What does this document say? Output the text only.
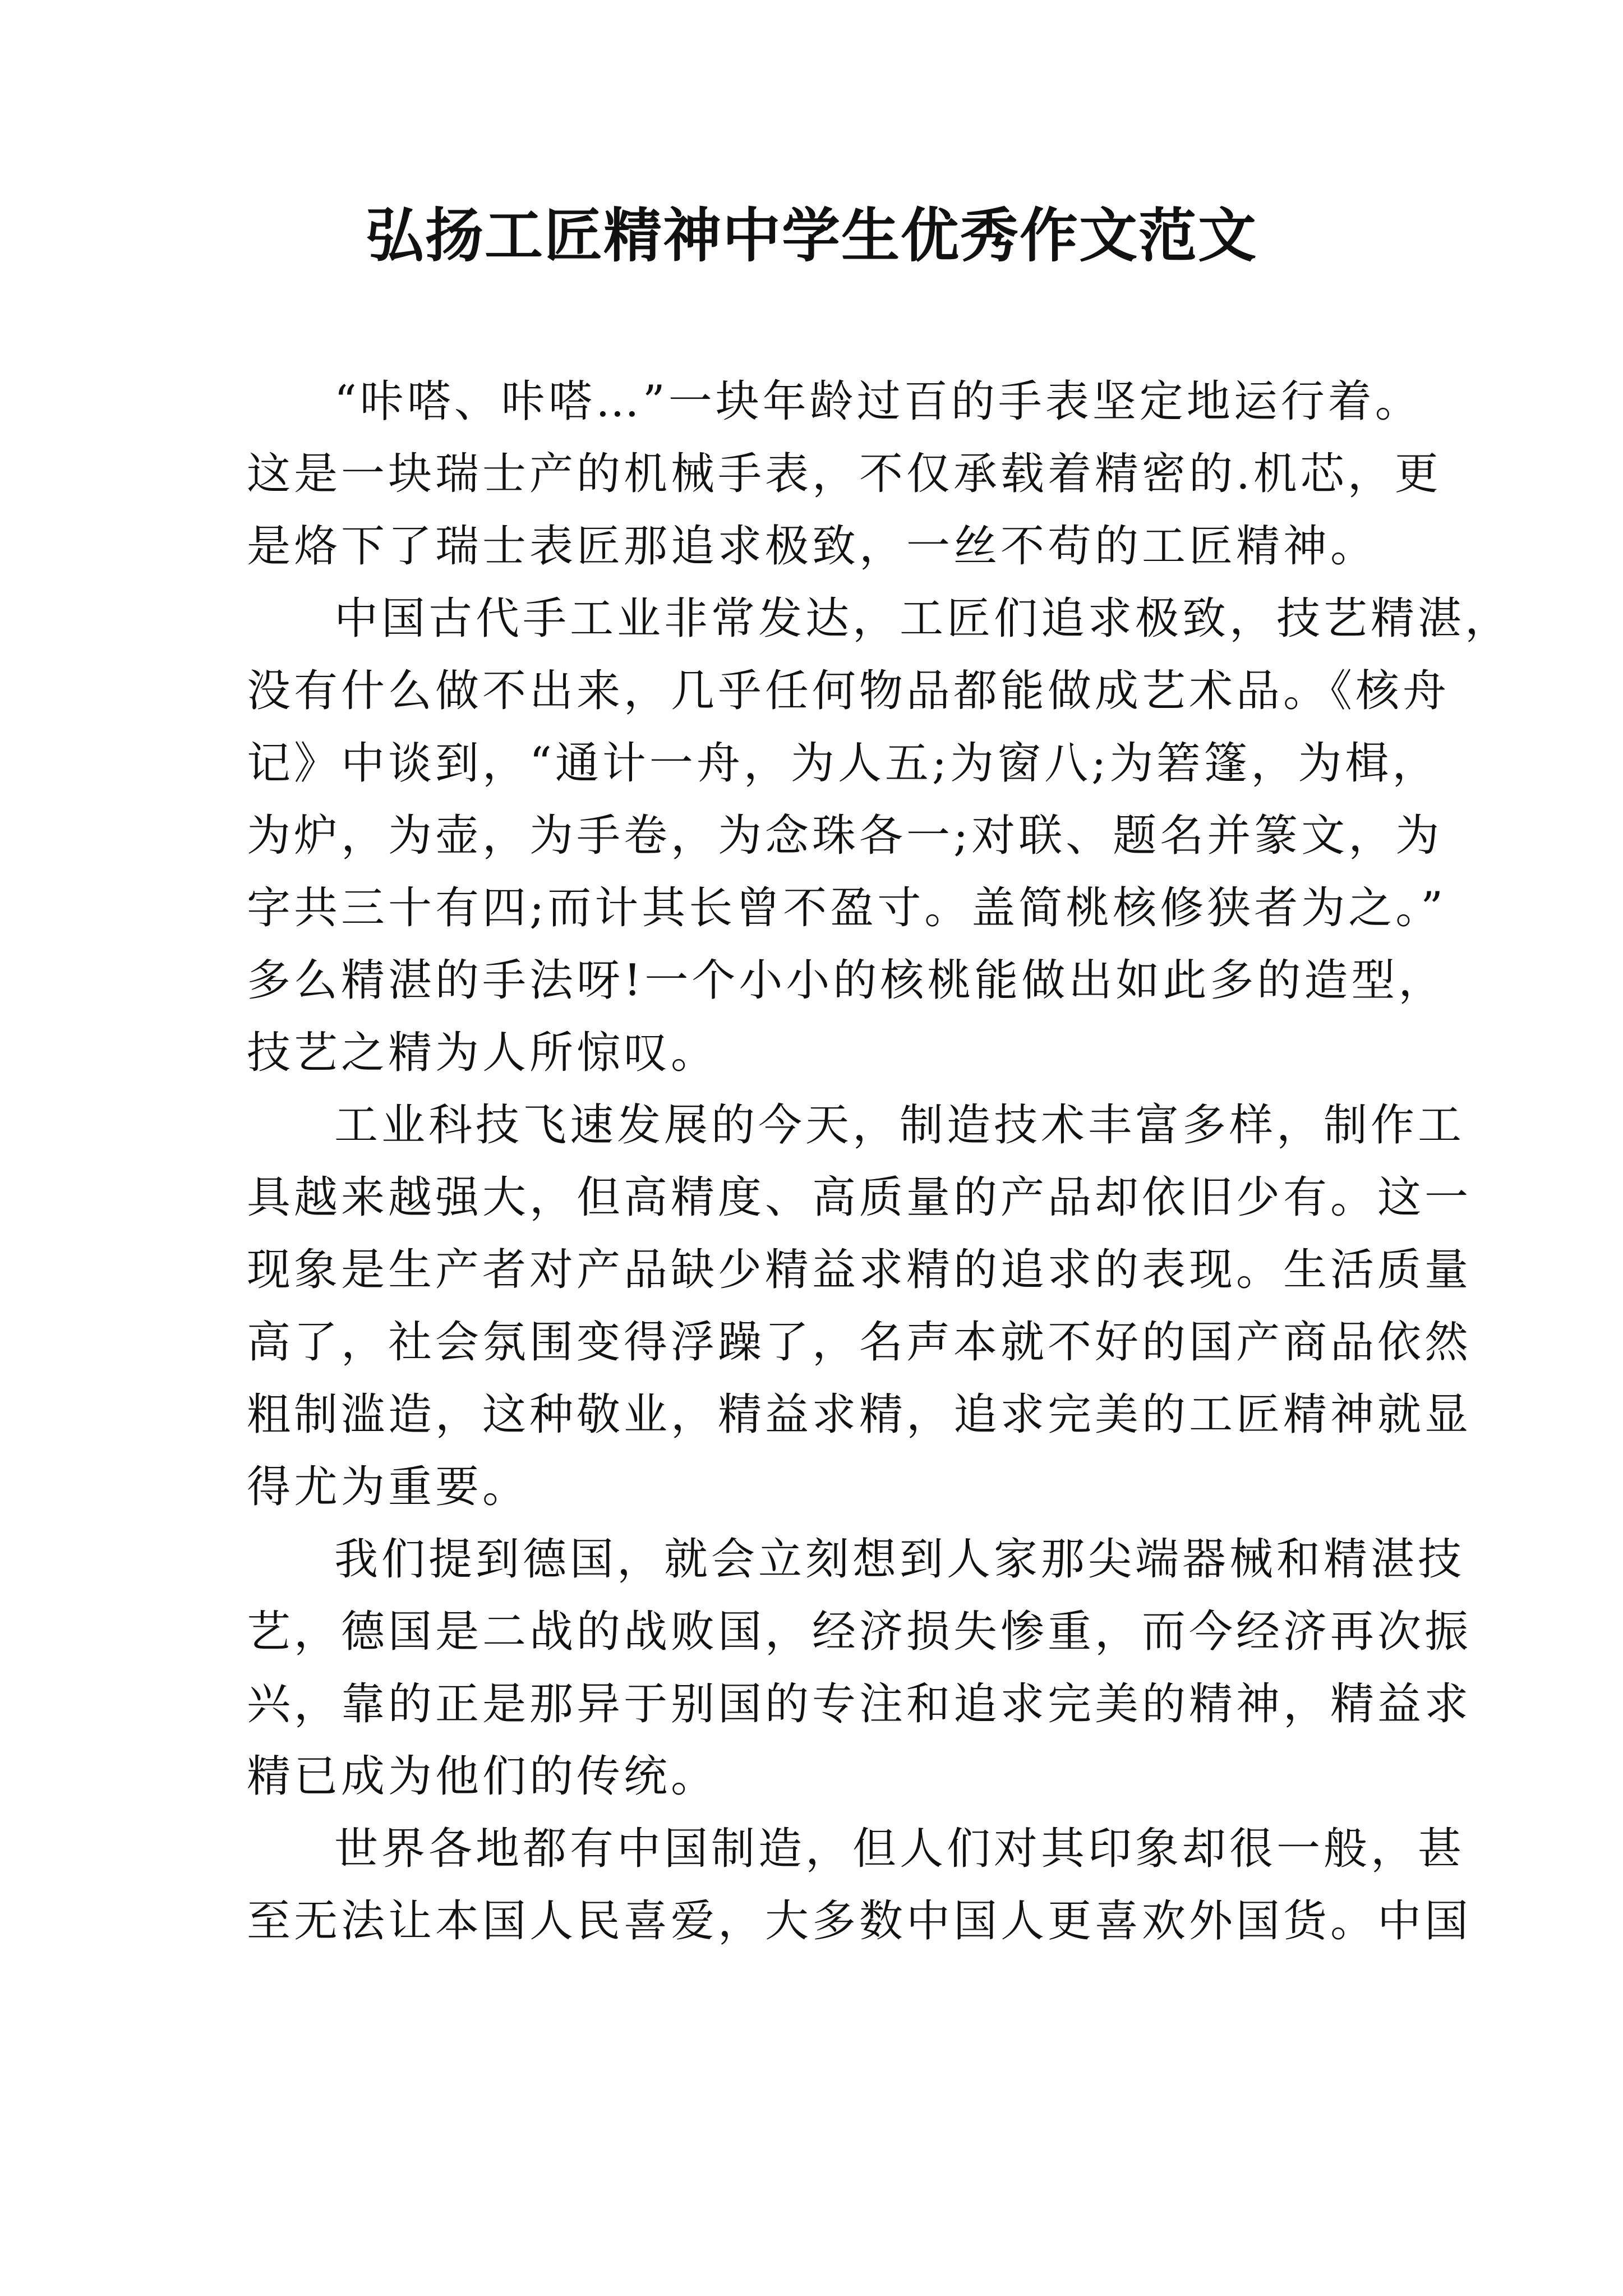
弘扬工匠精神中学生优秀作文范文

“咔嗒、咔嗒…”一块年龄过百的手表坚定地运行着。
这是一块瑞士产的机械手表，不仅承载着精密的.机芯，更
是烙下了瑞士表匠那追求极致，一丝不苟的工匠精神。

中国古代手工业非常发达，工匠们追求极致，技艺精湛，
没有什么做不出来，几乎任何物品都能做成艺术品。《核舟
记》中谈到，“通计一舟，为人五;为窗八;为箬篷，为楫，
为炉，为壶，为手卷，为念珠各一;对联、题名并篆文，为
字共三十有四;而计其长曾不盈寸。盖简桃核修狭者为之。”
多么精湛的手法呀!一个小小的核桃能做出如此多的造型，
技艺之精为人所惊叹。

工业科技飞速发展的今天，制造技术丰富多样，制作工
具越来越强大，但高精度、高质量的产品却依旧少有。这一
现象是生产者对产品缺少精益求精的追求的表现。生活质量
高了，社会氛围变得浮躁了，名声本就不好的国产商品依然
粗制滥造，这种敬业，精益求精，追求完美的工匠精神就显
得尤为重要。

我们提到德国，就会立刻想到人家那尖端器械和精湛技
艺，德国是二战的战败国，经济损失惨重，而今经济再次振
兴，靠的正是那异于别国的专注和追求完美的精神，精益求
精已成为他们的传统。

世界各地都有中国制造，但人们对其印象却很一般，甚
至无法让本国人民喜爱，大多数中国人更喜欢外国货。中国
